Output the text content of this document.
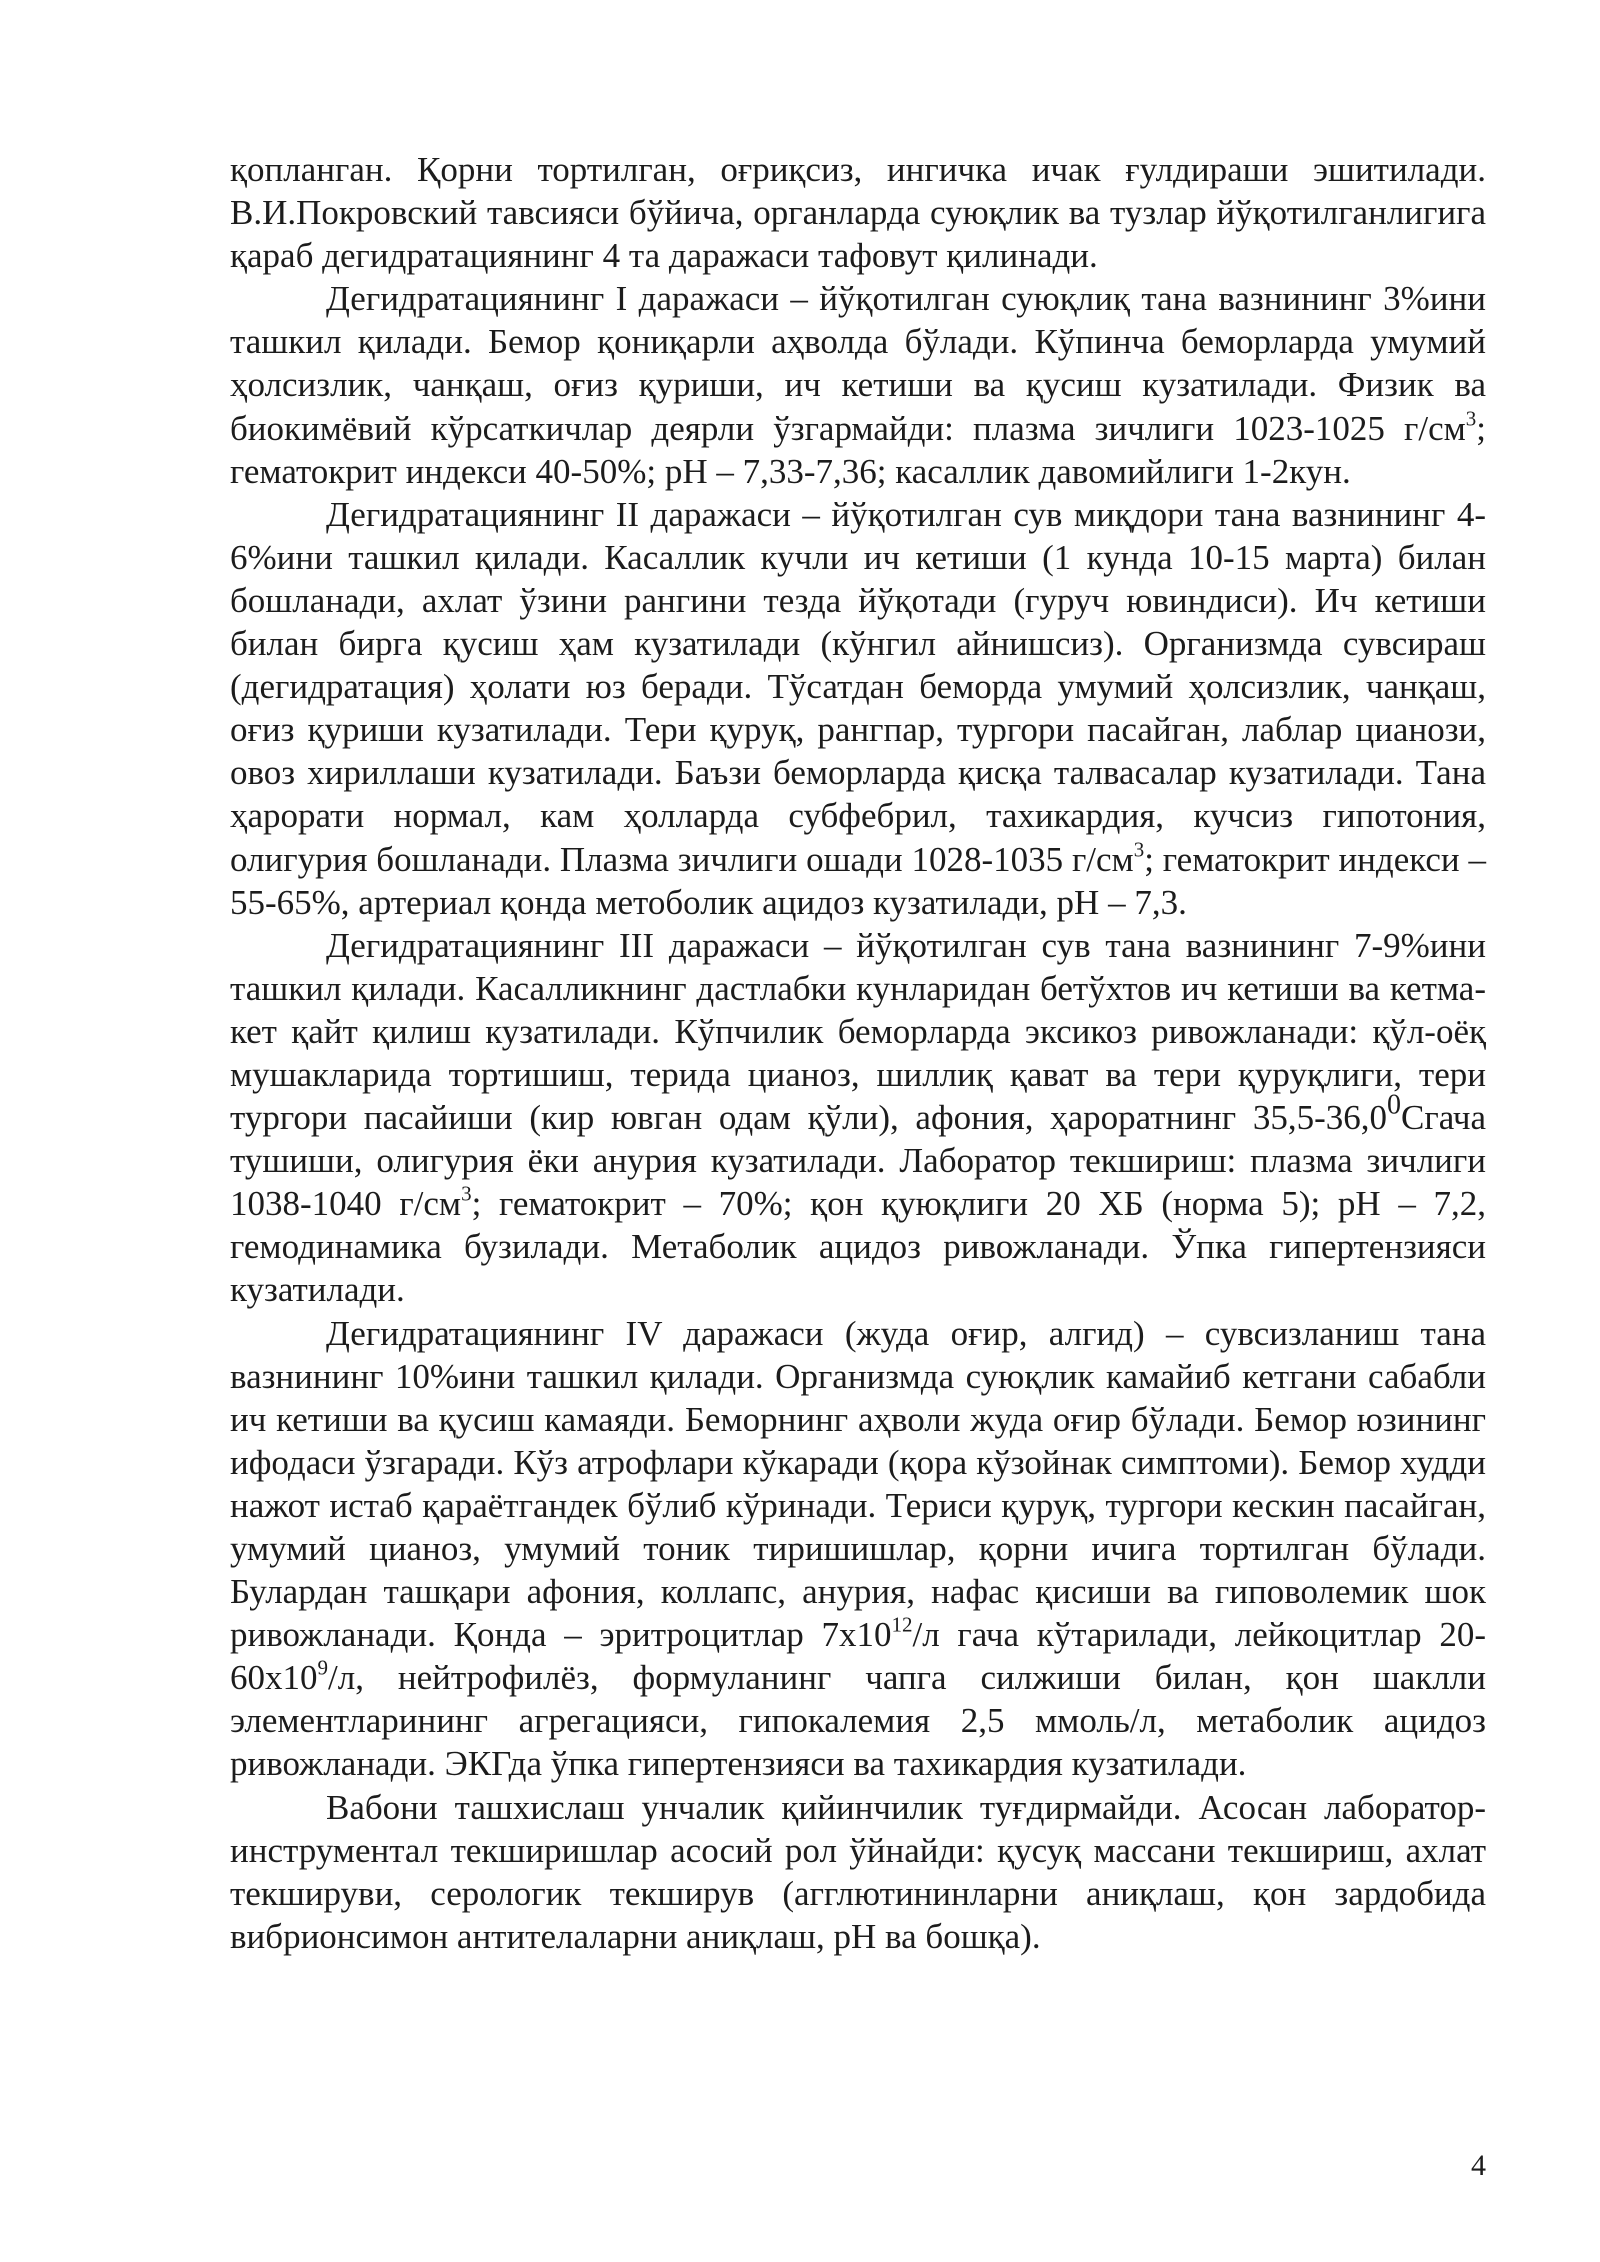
қопланган. Қорни тортилган, оғриқсиз, ингичка ичак ғулдираши эшитилади. В.И.Покровский тавсияси бўйича, органларда суюқлик ва тузлар йўқотилганлигига қараб дегидратациянинг 4 та даражаси тафовут қилинади.

Дегидратациянинг I даражаси – йўқотилган суюқлиқ тана вазнининг 3%ини ташкил қилади. Бемор қониқарли аҳволда бўлади. Кўпинча беморларда умумий ҳолсизлик, чанқаш, оғиз қуриши, ич кетиши ва қусиш кузатилади. Физик ва биокимёвий кўрсаткичлар деярли ўзгармайди: плазма зичлиги 1023-1025 $г/см^3$; гематокрит индекси 40-50%; pH – 7,33-7,36; касаллик давомийлиги 1-2кун.

Дегидратациянинг II даражаси – йўқотилган сув миқдори тана вазнининг 4-6%ини ташкил қилади. Касаллик кучли ич кетиши (1 кунда 10-15 марта) билан бошланади, ахлат ўзини рангини тезда йўқотади (гуруч ювиндиси). Ич кетиши билан бирга қусиш ҳам кузатилади (кўнгил айнишсиз). Организмда сувсираш (дегидратация) ҳолати юз беради. Тўсатдан беморда умумий ҳолсизлик, чанқаш, оғиз қуриши кузатилади. Тери қуруқ, рангпар, тургори пасайган, лаблар цианози, овоз хириллаши кузатилади. Баъзи беморларда қисқа талвасалар кузатилади. Тана ҳарорати нормал, кам ҳолларда субфебрил, тахикардия, кучсиз гипотония, олигурия бошланади. Плазма зичлиги ошади 1028-1035 $г/см^3$; гематокрит индекси – 55-65%, артериал қонда метоболик ацидоз кузатилади, pH – 7,3.

Дегидратациянинг III даражаси – йўқотилган сув тана вазнининг 7-9%ини ташкил қилади. Касалликнинг дастлабки кунларидан бетўхтов ич кетиши ва кетма-кет қайт қилиш кузатилади. Кўпчилик беморларда эксикоз ривожланади: қўл-оёқ мушакларида тортишиш, терида цианоз, шиллиқ қават ва тери қуруқлиги, тери тургори пасайиши (кир ювган одам қўли), афония, ҳароратнинг 35,5-36,0$^0$Сгача тушиши, олигурия ёки анурия кузатилади. Лаборатор текшириш: плазма зичлиги 1038-1040 $г/см^3$; гематокрит – 70%; қон қуюқлиги 20 ХБ (норма 5); pH – 7,2, гемодинамика бузилади. Метаболик ацидоз ривожланади. Ўпка гипертензияси кузатилади.

Дегидратациянинг IV даражаси (жуда оғир, алгид) – сувсизланиш тана вазнининг 10%ини ташкил қилади. Организмда суюқлик камайиб кетгани сабабли ич кетиши ва қусиш камаяди. Беморнинг аҳволи жуда оғир бўлади. Бемор юзининг ифодаси ўзгаради. Кўз атрофлари кўкаради (қора кўзойнак симптоми). Бемор худди нажот истаб қараётгандек бўлиб кўринади. Териси қуруқ, тургори кескин пасайган, умумий цианоз, умумий тоник тиришишлар, қорни ичига тортилган бўлади. Булардан ташқари афония, коллапс, анурия, нафас қисиши ва гиповолемик шок ривожланади. Қонда – эритроцитлар $7x10^{12}/л$ гача кўтарилади, лейкоцитлар $20-60x10^9/л$, нейтрофилёз, формуланинг чапга силжиши билан, қон шаклли элементларининг агрегацияси, гипокалемия 2,5 ммоль/л, метаболик ацидоз ривожланади. ЭКГда ўпка гипертензияси ва тахикардия кузатилади.

Вабони ташхислаш унчалик қийинчилик туғдирмайди. Асосан лаборатор-инструментал текширишлар асосий рол ўйнайди: қусуқ массани текшириш, ахлат текшируви, серологик текширув (агглютининларни аниқлаш, қон зардобида вибрионсимон антителаларни аниқлаш, pH ва бошқа).

4
